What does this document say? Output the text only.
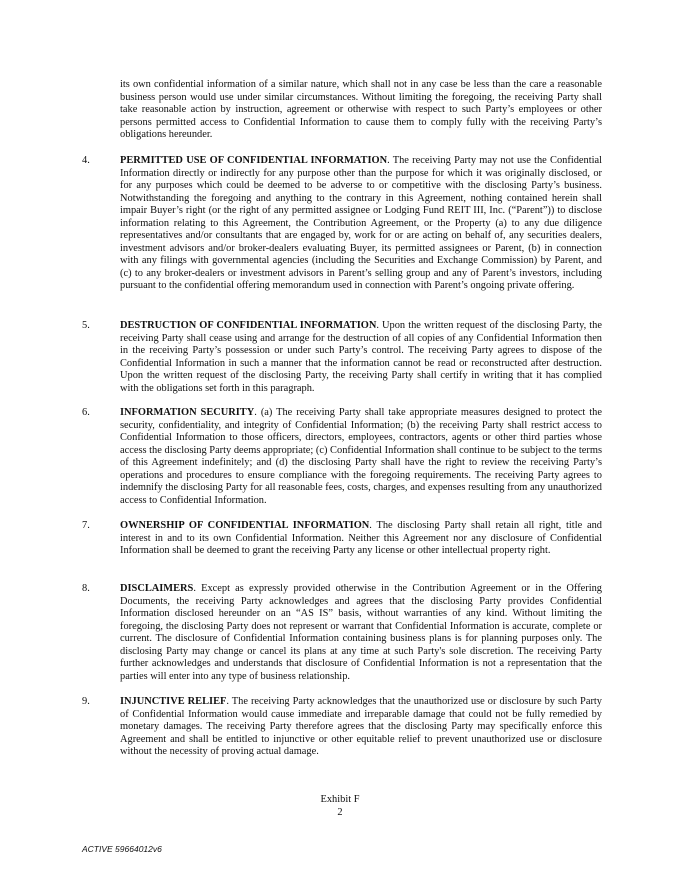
its own confidential information of a similar nature, which shall not in any case be less than the care a reasonable business person would use under similar circumstances. Without limiting the foregoing, the receiving Party shall take reasonable action by instruction, agreement or otherwise with respect to such Party’s employees or other persons permitted access to Confidential Information to cause them to comply fully with the receiving Party’s obligations hereunder.
4.	PERMITTED USE OF CONFIDENTIAL INFORMATION. The receiving Party may not use the Confidential Information directly or indirectly for any purpose other than the purpose for which it was originally disclosed, or for any purposes which could be deemed to be adverse to or competitive with the disclosing Party’s business. Notwithstanding the foregoing and anything to the contrary in this Agreement, nothing contained herein shall impair Buyer’s right (or the right of any permitted assignee or Lodging Fund REIT III, Inc. (“Parent”)) to disclose information relating to this Agreement, the Contribution Agreement, or the Property (a) to any due diligence representatives and/or consultants that are engaged by, work for or are acting on behalf of, any securities dealers, investment advisors and/or broker-dealers evaluating Buyer, its permitted assignees or Parent, (b) in connection with any filings with governmental agencies (including the Securities and Exchange Commission) by Parent, and (c) to any broker-dealers or investment advisors in Parent’s selling group and any of Parent’s investors, including pursuant to the confidential offering memorandum used in connection with Parent’s ongoing private offering.
5.	DESTRUCTION OF CONFIDENTIAL INFORMATION. Upon the written request of the disclosing Party, the receiving Party shall cease using and arrange for the destruction of all copies of any Confidential Information then in the receiving Party’s possession or under such Party’s control. The receiving Party agrees to dispose of the Confidential Information in such a manner that the information cannot be read or reconstructed after destruction. Upon the written request of the disclosing Party, the receiving Party shall certify in writing that it has complied with the obligations set forth in this paragraph.
6.	INFORMATION SECURITY. (a) The receiving Party shall take appropriate measures designed to protect the security, confidentiality, and integrity of Confidential Information; (b) the receiving Party shall restrict access to Confidential Information to those officers, directors, employees, contractors, agents or other third parties whose access the disclosing Party deems appropriate; (c) Confidential Information shall continue to be subject to the terms of this Agreement indefinitely; and (d) the disclosing Party shall have the right to review the receiving Party’s operations and procedures to ensure compliance with the foregoing requirements. The receiving Party agrees to indemnify the disclosing Party for all reasonable fees, costs, charges, and expenses resulting from any unauthorized access to Confidential Information.
7.	OWNERSHIP OF CONFIDENTIAL INFORMATION. The disclosing Party shall retain all right, title and interest in and to its own Confidential Information. Neither this Agreement nor any disclosure of Confidential Information shall be deemed to grant the receiving Party any license or other intellectual property right.
8.	DISCLAIMERS. Except as expressly provided otherwise in the Contribution Agreement or in the Offering Documents, the receiving Party acknowledges and agrees that the disclosing Party provides Confidential Information disclosed hereunder on an “AS IS” basis, without warranties of any kind. Without limiting the foregoing, the disclosing Party does not represent or warrant that Confidential Information is accurate, complete or current. The disclosure of Confidential Information containing business plans is for planning purposes only. The disclosing Party may change or cancel its plans at any time at such Party's sole discretion. The receiving Party further acknowledges and understands that disclosure of Confidential Information is not a representation that the parties will enter into any type of business relationship.
9.	INJUNCTIVE RELIEF. The receiving Party acknowledges that the unauthorized use or disclosure by such Party of Confidential Information would cause immediate and irreparable damage that could not be fully remedied by monetary damages. The receiving Party therefore agrees that the disclosing Party may specifically enforce this Agreement and shall be entitled to injunctive or other equitable relief to prevent unauthorized use or disclosure without the necessity of proving actual damage.
Exhibit F
2
ACTIVE 59664012v6
